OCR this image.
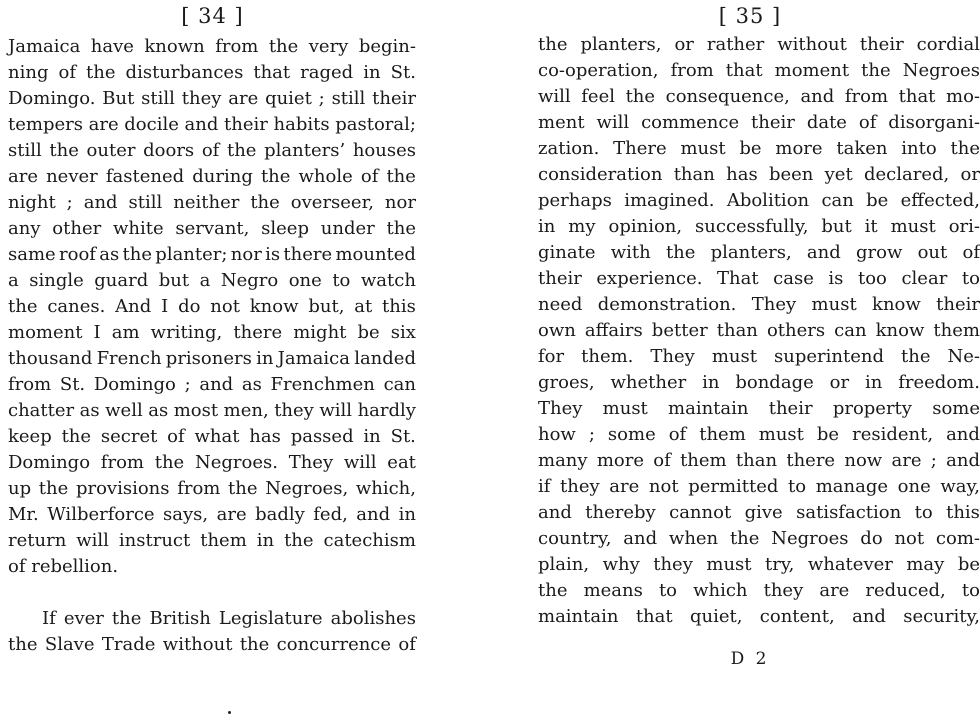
[ 34 ]
Jamaica have known from the very begin-
ning of the disturbances that raged in St.
Domingo. But still they are quiet ; still their
tempers are docile and their habits pastoral;
still the outer doors of the planters’ houses
are never fastened during the whole of the
night ; and still neither the overseer, nor
any other white servant, sleep under the
same roof as the planter; nor is there mounted
a single guard but a Negro one to watch
the canes. And I do not know but, at this
moment I am writing, there might be six
thousand French prisoners in Jamaica landed
from St. Domingo ; and as Frenchmen can
chatter as well as most men, they will hardly
keep the secret of what has passed in St.
Domingo from the Negroes. They will eat
up the provisions from the Negroes, which,
Mr. Wilberforce says, are badly fed, and in
return will instruct them in the catechism
of rebellion.
If ever the British Legislature abolishes
the Slave Trade without the concurrence of
[ 35 ]
the planters, or rather without their cordial
co-operation, from that moment the Negroes
will feel the consequence, and from that mo-
ment will commence their date of disorgani-
zation. There must be more taken into the
consideration than has been yet declared, or
perhaps imagined. Abolition can be effected,
in my opinion, successfully, but it must ori-
ginate with the planters, and grow out of
their experience. That case is too clear to
need demonstration. They must know their
own affairs better than others can know them
for them. They must superintend the Ne-
groes, whether in bondage or in freedom.
They must maintain their property some
how ; some of them must be resident, and
many more of them than there now are ; and
if they are not permitted to manage one way,
and thereby cannot give satisfaction to this
country, and when the Negroes do not com-
plain, why they must try, whatever may be
the means to which they are reduced, to
maintain that quiet, content, and security,
D 2
